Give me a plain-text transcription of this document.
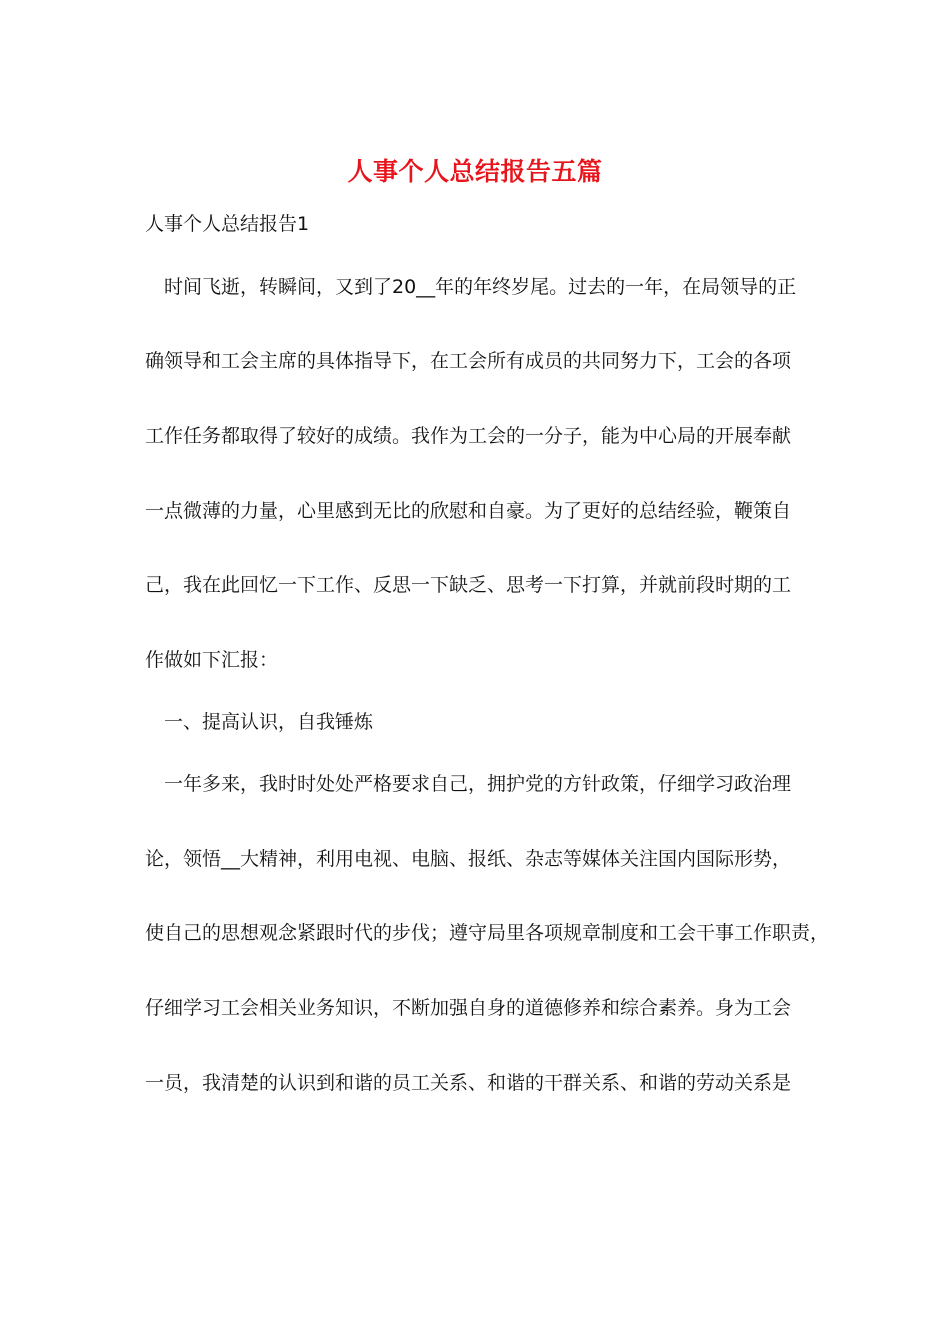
人事个人总结报告五篇
人事个人总结报告1
　时间飞逝，转瞬间，又到了20__年的年终岁尾。过去的一年，在局领导的正
确领导和工会主席的具体指导下，在工会所有成员的共同努力下，工会的各项
工作任务都取得了较好的成绩。我作为工会的一分子，能为中心局的开展奉献
一点微薄的力量，心里感到无比的欣慰和自豪。为了更好的总结经验，鞭策自
己，我在此回忆一下工作、反思一下缺乏、思考一下打算，并就前段时期的工
作做如下汇报：
　一、提高认识，自我锤炼
　一年多来，我时时处处严格要求自己，拥护党的方针政策，仔细学习政治理
论，领悟__大精神，利用电视、电脑、报纸、杂志等媒体关注国内国际形势，
使自己的思想观念紧跟时代的步伐；遵守局里各项规章制度和工会干事工作职责，
仔细学习工会相关业务知识，不断加强自身的道德修养和综合素养。身为工会
一员，我清楚的认识到和谐的员工关系、和谐的干群关系、和谐的劳动关系是
